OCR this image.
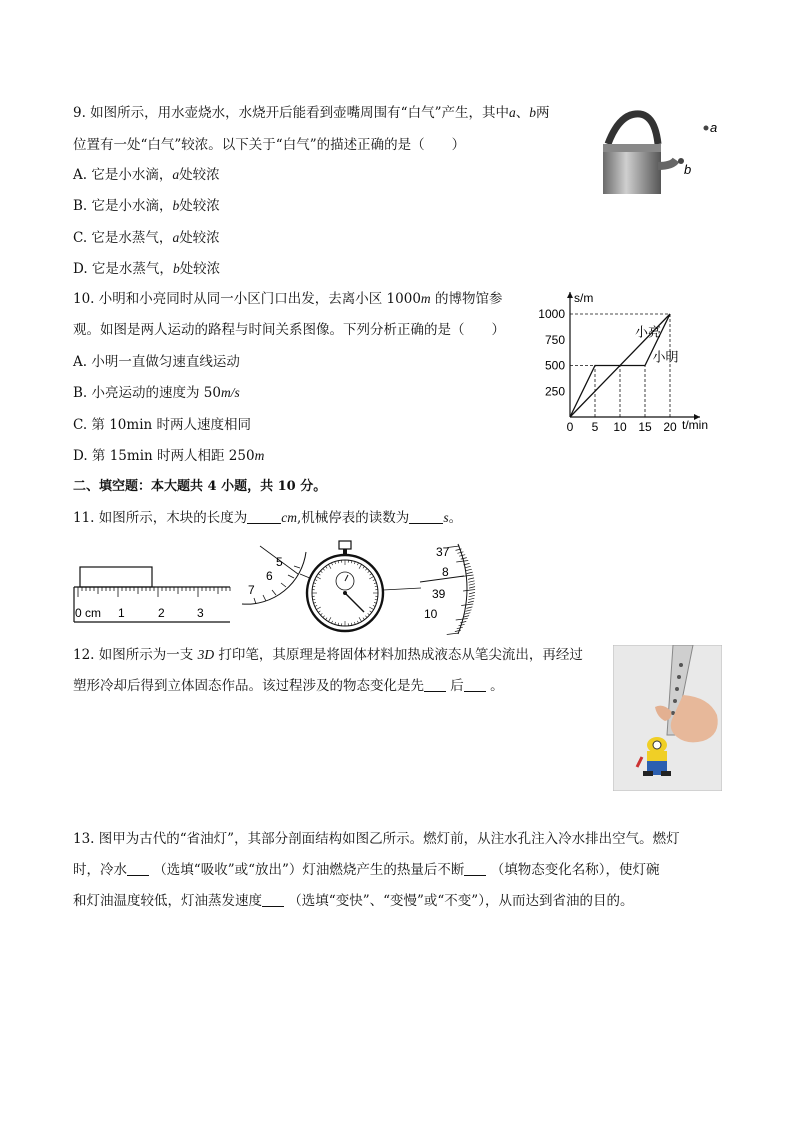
9. 如图所示，用水壶烧水，水烧开后能看到壶嘴周围有“白气”产生，其中a、b两
位置有一处“白气”较浓。以下关于“白气”的描述正确的是（　　）
A. 它是小水滴，a处较浓
B. 它是小水滴，b处较浓
C. 它是水蒸气，a处较浓
D. 它是水蒸气，b处较浓
b
a
10. 小明和小亮同时从同一小区门口出发，去离小区 1000m 的博物馆参
观。如图是两人运动的路程与时间关系图像。下列分析正确的是（　　）
A. 小明一直做匀速直线运动
B. 小亮运动的速度为 50m/s
C. 第 10min 时两人速度相同
D. 第 15min 时两人相距 250m
s/m
t/min
0 5 10 15 20
250
500
750
1000
小亮
小明
二、填空题：本大题共 4 小题，共 10 分。
11. 如图所示，木块的长度为	cm,机械停表的读数为	s。
0 cm 1	2	3
5
6
7
37
8
39
10
12. 如图所示为一支 3D 打印笔，其原理是将固体材料加热成液态从笔尖流出，再经过
塑形冷却后得到立体固态作品。该过程涉及的物态变化是先 后 。
13. 图甲为古代的“省油灯”，其部分剖面结构如图乙所示。燃灯前，从注水孔注入冷水排出空气。燃灯
时，冷水 （选填“吸收”或“放出”）灯油燃烧产生的热量后不断 （填物态变化名称），使灯碗
和灯油温度较低，灯油蒸发速度 （选填“变快”、“变慢”或“不变”），从而达到省油的目的。
